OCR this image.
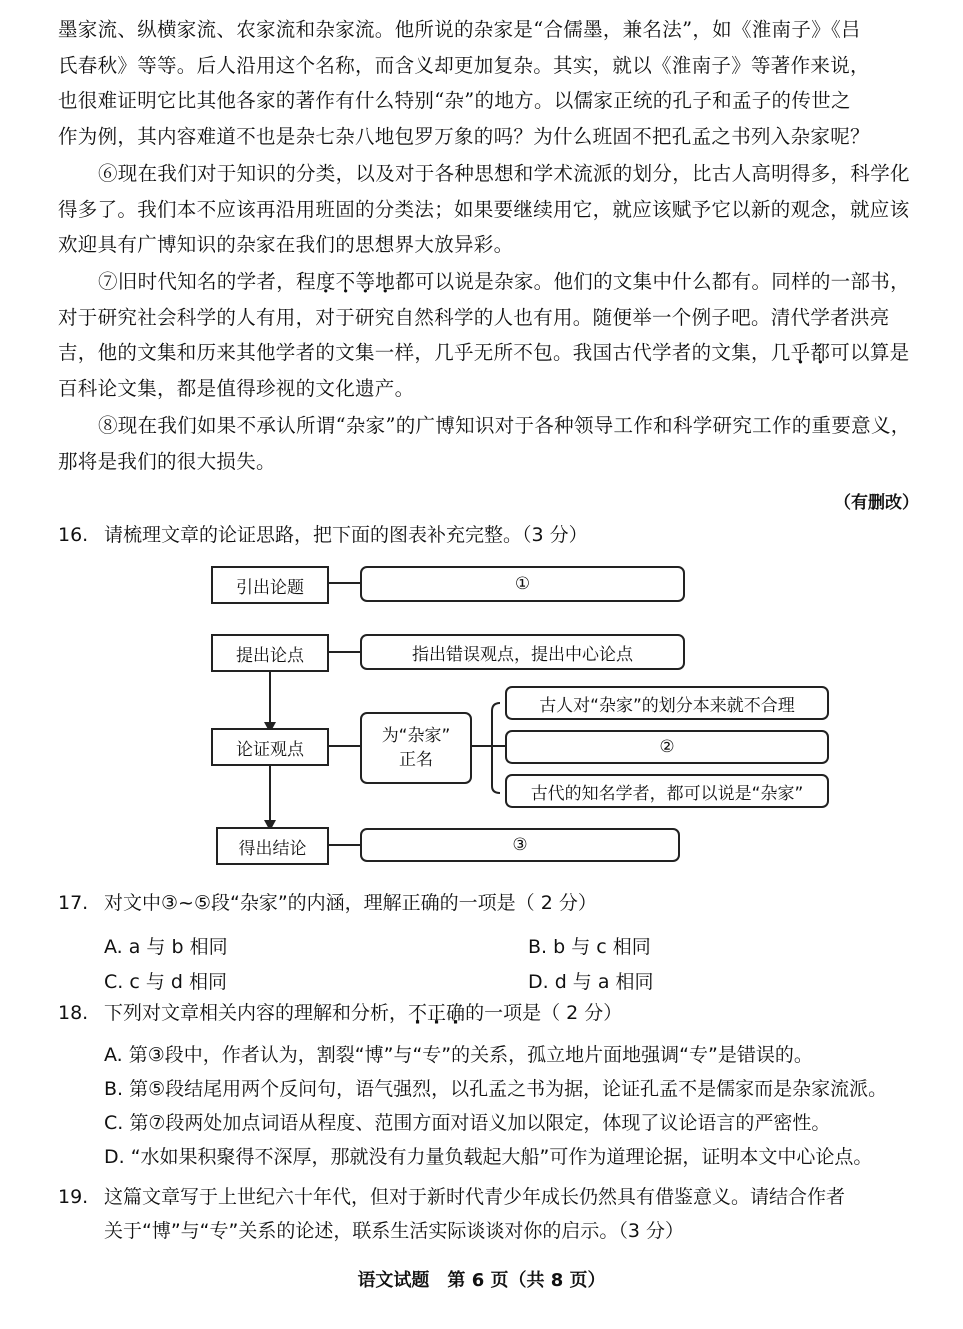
墨家流、纵横家流、农家流和杂家流。他所说的杂家是“合儒墨，兼名法”，如《淮南子》《吕
氏春秋》等等。后人沿用这个名称，而含义却更加复杂。其实，就以《淮南子》等著作来说，
也很难证明它比其他各家的著作有什么特别“杂”的地方。以儒家正统的孔子和孟子的传世之
作为例，其内容难道不也是杂七杂八地包罗万象的吗？为什么班固不把孔孟之书列入杂家呢？
⑥现在我们对于知识的分类，以及对于各种思想和学术流派的划分，比古人高明得多，科学化得多了。我们本不应该再沿用班固的分类法；如果要继续用它，就应该赋予它以新的观念，就应该欢迎具有广博知识的杂家在我们的思想界大放异彩。
⑦旧时代知名的学者，程度不等地都可以说是杂家。他们的文集中什么都有。同样的一部书，对于研究社会科学的人有用，对于研究自然科学的人也有用。随便举一个例子吧。清代学者洪亮吉，他的文集和历来其他学者的文集一样，几乎无所不包。我国古代学者的文集，几乎都可以算是百科论文集，都是值得珍视的文化遗产。
⑧现在我们如果不承认所谓“杂家”的广博知识对于各种领导工作和科学研究工作的重要意义，那将是我们的很大损失。
（有删改）
16. 请梳理文章的论证思路，把下面的图表补充完整。（3 分）
引出论题	①
提出论点	指出错误观点，提出中心论点
论证观点
为“杂家”
正名
古人对“杂家”的划分本来就不合理
②
古代的知名学者，都可以说是“杂家”
得出结论	③
17. 对文中③~⑤段“杂家”的内涵，理解正确的一项是（ 2 分）
A. a 与 b 相同	B. b 与 c 相同
C. c 与 d 相同	D. d 与 a 相同
18. 下列对文章相关内容的理解和分析，不正确的一项是（ 2 分）
A. 第③段中，作者认为，割裂“博”与“专”的关系，孤立地片面地强调“专”是错误的。
B. 第⑤段结尾用两个反问句，语气强烈，以孔孟之书为据，论证孔孟不是儒家而是杂家流派。
C. 第⑦段两处加点词语从程度、范围方面对语义加以限定，体现了议论语言的严密性。
D. “水如果积聚得不深厚，那就没有力量负载起大船”可作为道理论据，证明本文中心论点。
19. 这篇文章写于上世纪六十年代，但对于新时代青少年成长仍然具有借鉴意义。请结合作者
关于“博”与“专”关系的论述，联系生活实际谈谈对你的启示。（3 分）
语文试题　第 6 页（共 8 页）
